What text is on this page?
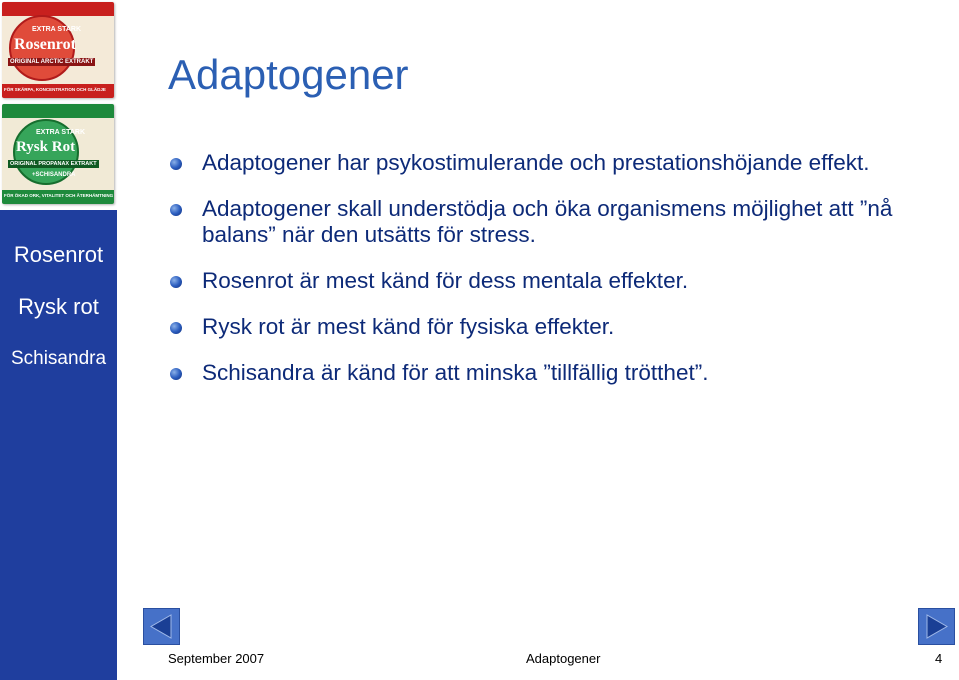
EXTRA STARK
Rosenrot
ORIGINAL ARCTIC EXTRAKT
FÖR SKÄRPA, KONCENTRATION OCH GLÄDJE
EXTRA STARK
Rysk Rot
ORIGINAL PROPANAX EXTRAKT
+SCHISANDRA
FÖR ÖKAD ORK, VITALITET OCH ÅTERHÄMTNING
Rosenrot
Rysk rot
Schisandra
Adaptogener
Adaptogener har psykostimulerande och prestationshöjande effekt.
Adaptogener skall understödja och öka organismens möjlighet att ”nå balans” när den utsätts för stress.
Rosenrot är mest känd för dess mentala effekter.
Rysk rot är mest känd för fysiska effekter.
Schisandra är känd för att minska ”tillfällig trötthet”.
September 2007	Adaptogener	4
